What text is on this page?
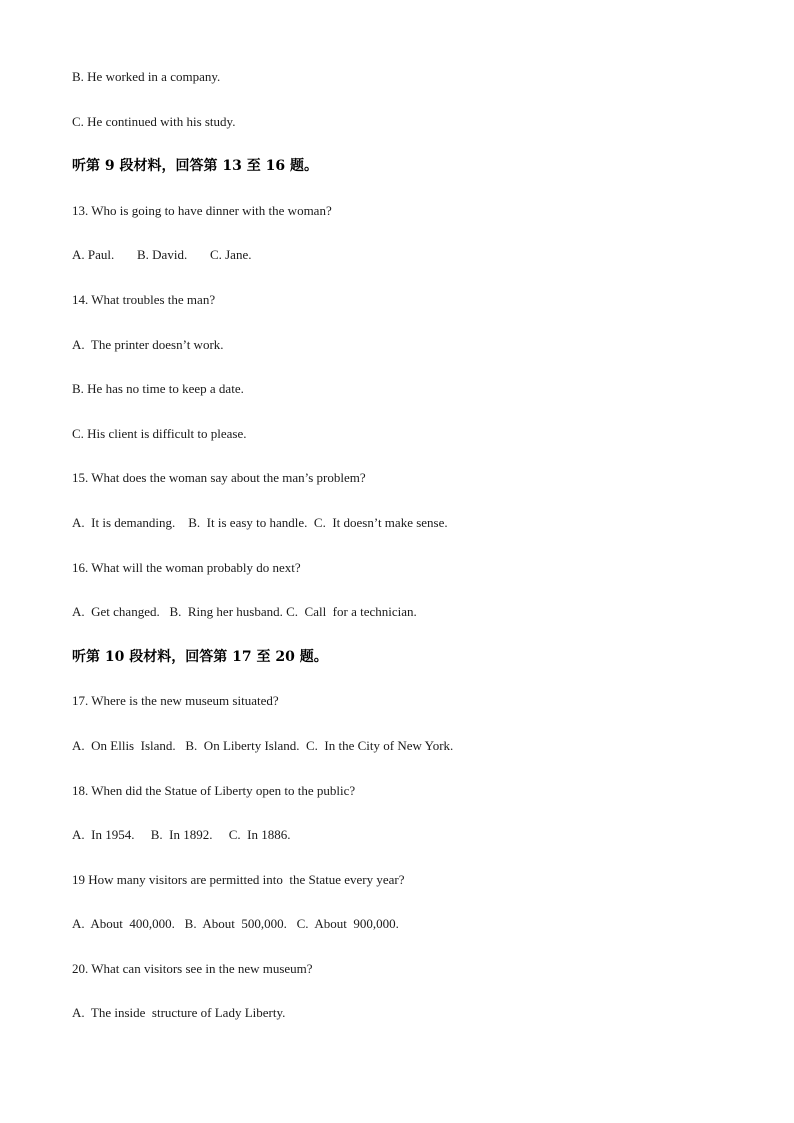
B. He worked in a company.
C. He continued with his study.
听第 9 段材料，回答第 13 至 16 题。
13. Who is going to have dinner with the woman?
A. Paul.       B. David.       C. Jane.
14. What troubles the man?
A.  The printer doesn’t work.
B. He has no time to keep a date.
C. His client is difficult to please.
15. What does the woman say about the man’s problem?
A.  It is demanding.    B.  It is easy to handle.  C.  It doesn’t make sense.
16. What will the woman probably do next?
A.  Get changed.   B.  Ring her husband. C.  Call  for a technician.
听第 10 段材料，回答第 17 至 20 题。
17. Where is the new museum situated?
A.  On Ellis  Island.   B.  On Liberty Island.  C.  In the City of New York.
18. When did the Statue of Liberty open to the public?
A.  In 1954.     B.  In 1892.     C.  In 1886.
19 How many visitors are permitted into  the Statue every year?
A.  About  400,000.   B.  About  500,000.   C.  About  900,000.
20. What can visitors see in the new museum?
A.  The inside  structure of Lady Liberty.
